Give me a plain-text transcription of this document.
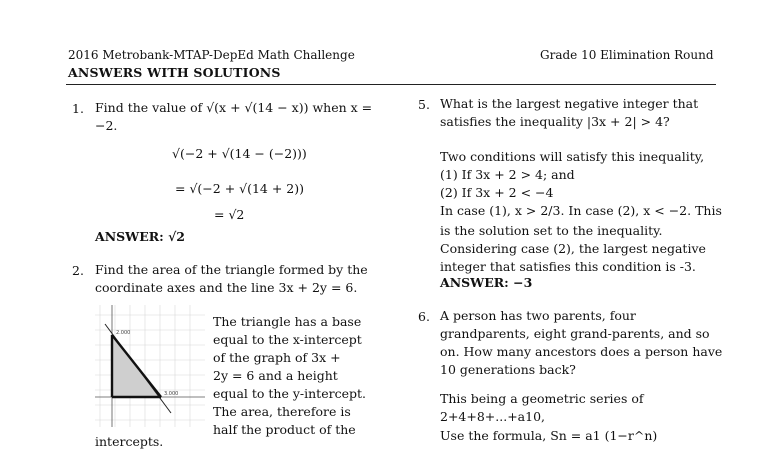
2016 Metrobank-MTAP-DepEd Math Challenge
ANSWERS WITH SOLUTIONS
Grade 10 Elimination Round
1. Find the value of √(x + √(14 − x)) when x =
−2.
√(−2 + √(14 − (−2)))
= √(−2 + √(14 + 2))
= √2
ANSWER: √2
2. Find the area of the triangle formed by the
coordinate axes and the line 3x + 2y = 6.
2.000
3.000
The triangle has a base
equal to the x-intercept
of the graph of 3x +
2y = 6 and a height
equal to the y-intercept.
The area, therefore is
half the product of the
intercepts.
5. What is the largest negative integer that
satisfies the inequality |3x + 2| > 4?
Two conditions will satisfy this inequality,
(1) If 3x + 2 > 4; and
(2) If 3x + 2 < −4
In case (1), x > 2/3. In case (2), x < −2. This
is the solution set to the inequality.
Considering case (2), the largest negative
integer that satisfies this condition is -3.
ANSWER: −3
6. A person has two parents, four
grandparents, eight grand-parents, and so
on. How many ancestors does a person have
10 generations back?
This being a geometric series of
2+4+8+...+a10,
Use the formula, Sn = a1 (1−r^n)
